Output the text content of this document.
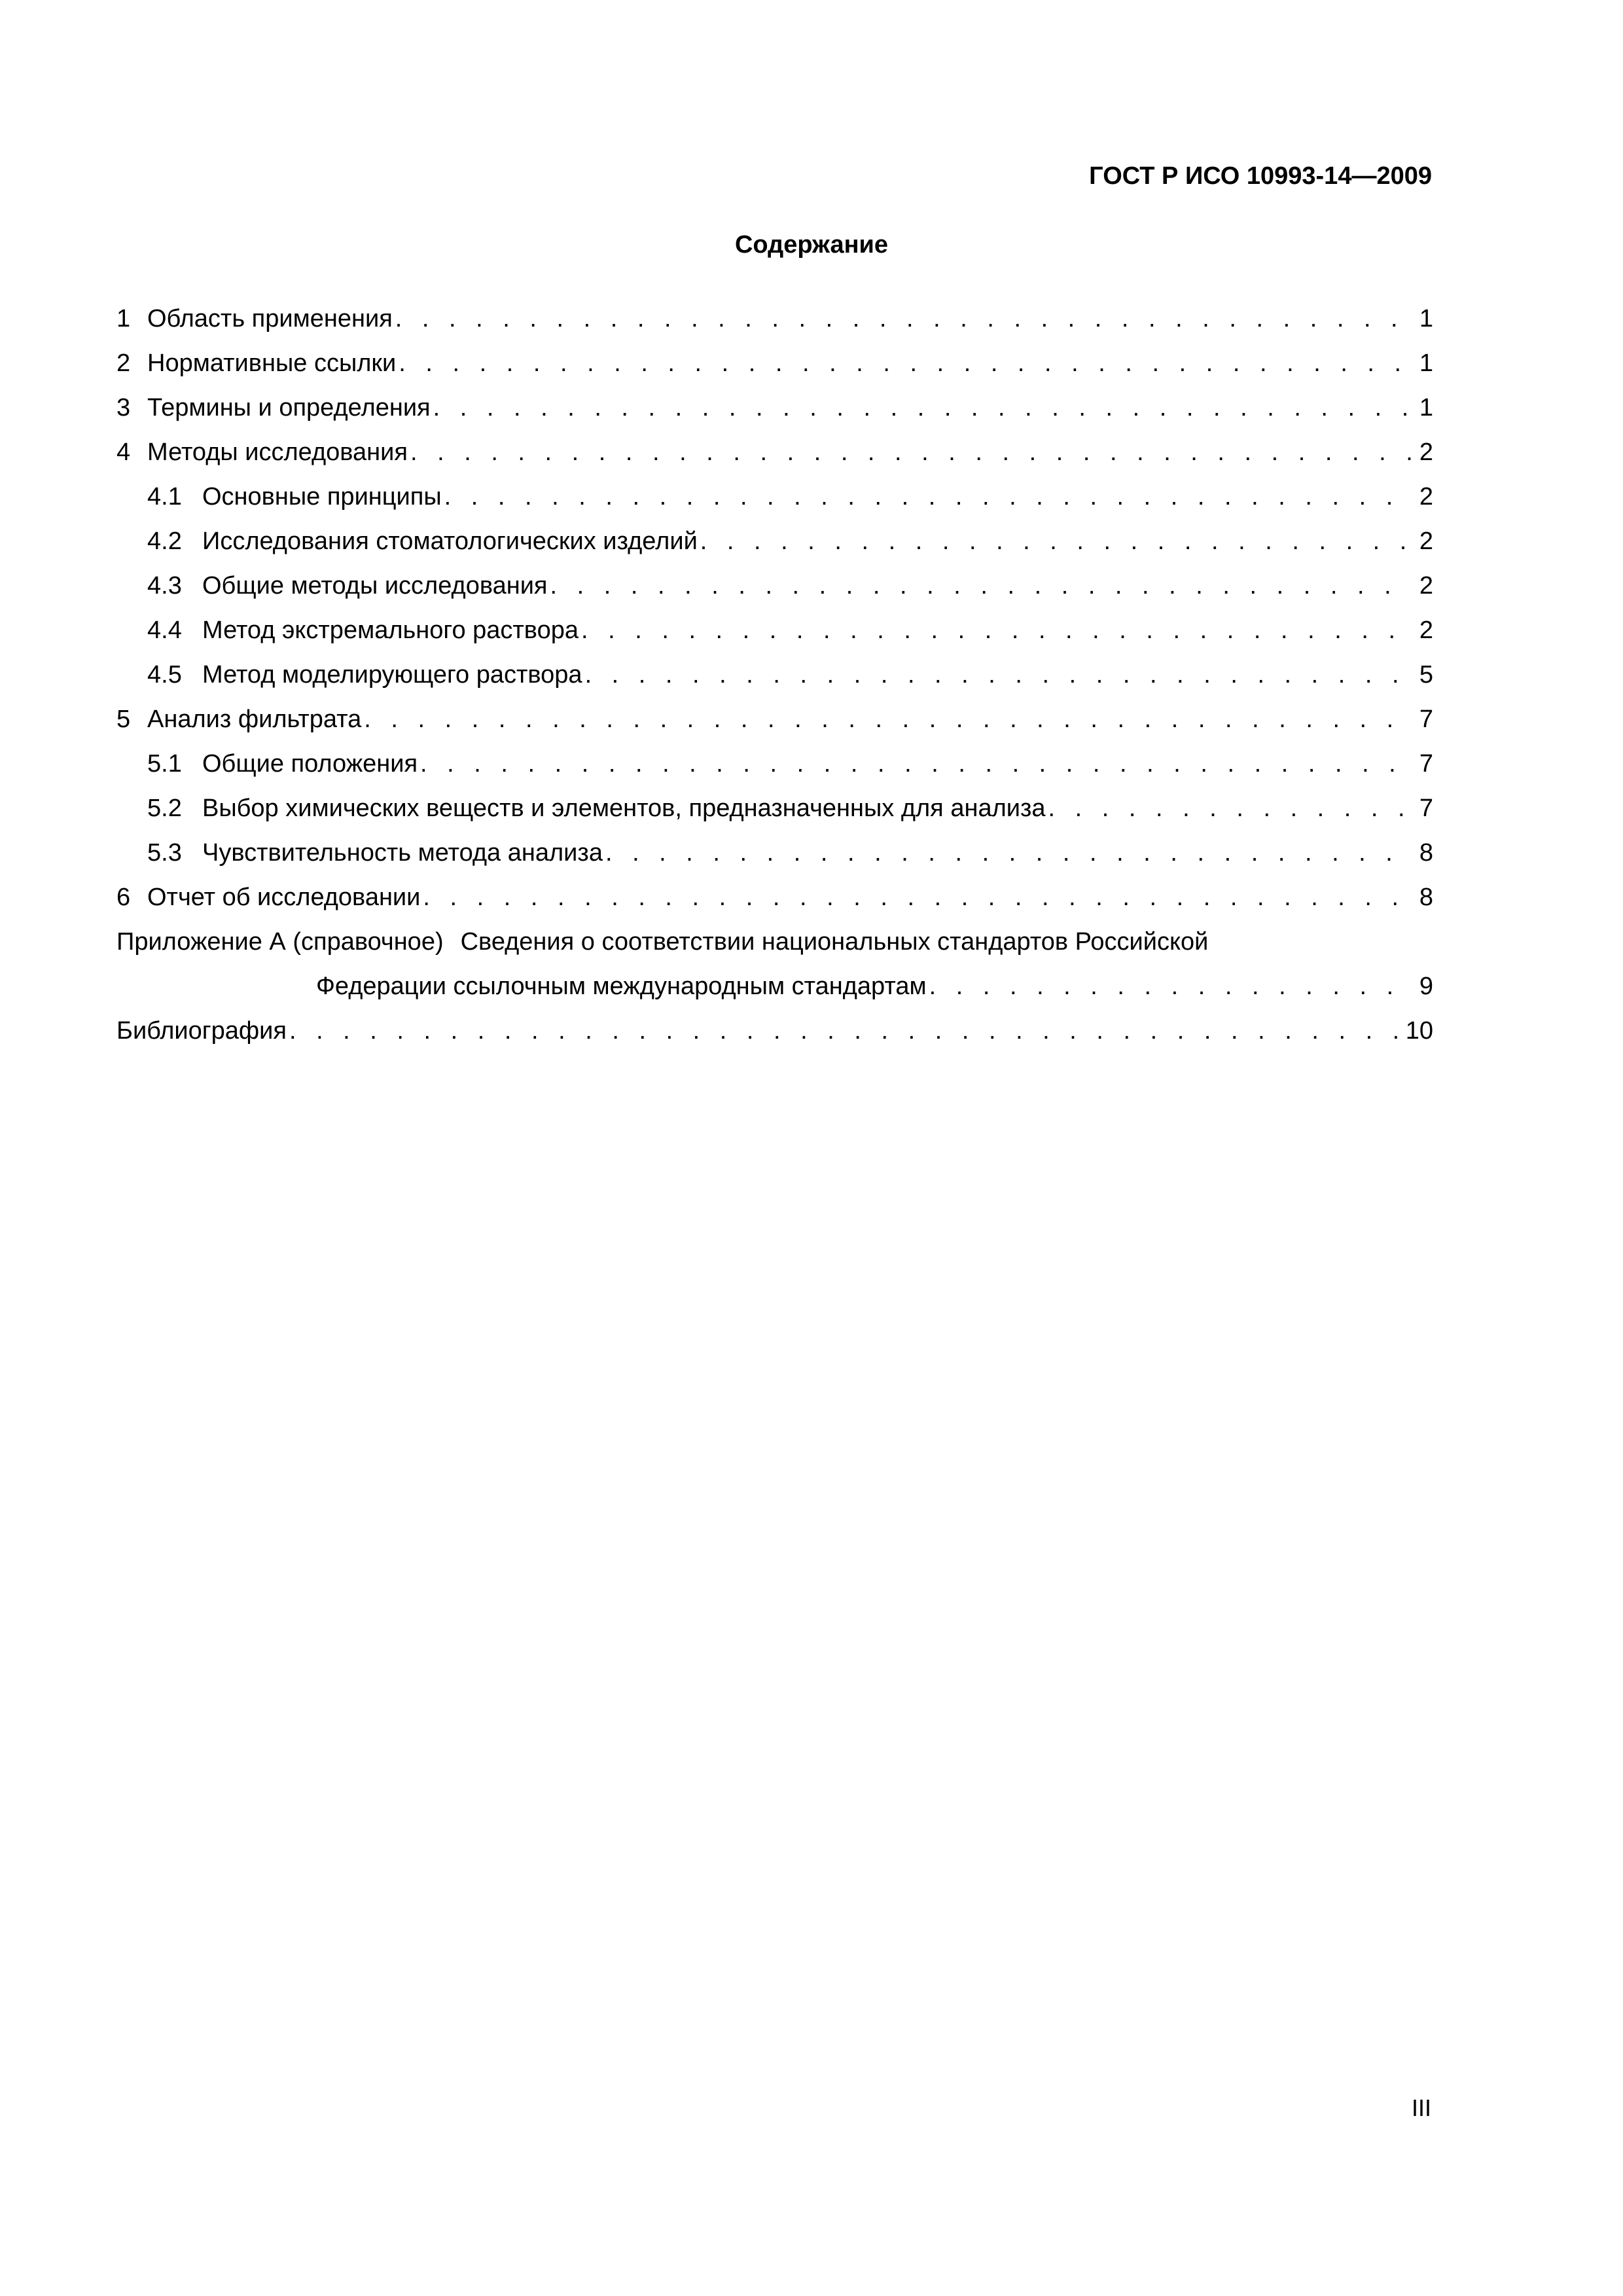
ГОСТ Р ИСО 10993-14—2009
Содержание
1 Область применения . . .	1
2 Нормативные ссылки . . .	1
3 Термины и определения . . .	1
4 Методы исследования . . .	2
4.1 Основные принципы . . .	2
4.2 Исследования стоматологических изделий . . .	2
4.3 Общие методы исследования . . .	2
4.4 Метод экстремального раствора . . .	2
4.5 Метод моделирующего раствора . . .	5
5 Анализ фильтрата . . .	7
5.1 Общие положения . . .	7
5.2 Выбор химических веществ и элементов, предназначенных для анализа . . .	7
5.3 Чувствительность метода анализа . . .	8
6 Отчет об исследовании . . .	8
Приложение А (справочное) Сведения о соответствии национальных стандартов Российской
Федерации ссылочным международным стандартам . . .	9
Библиография . . .	10
III
